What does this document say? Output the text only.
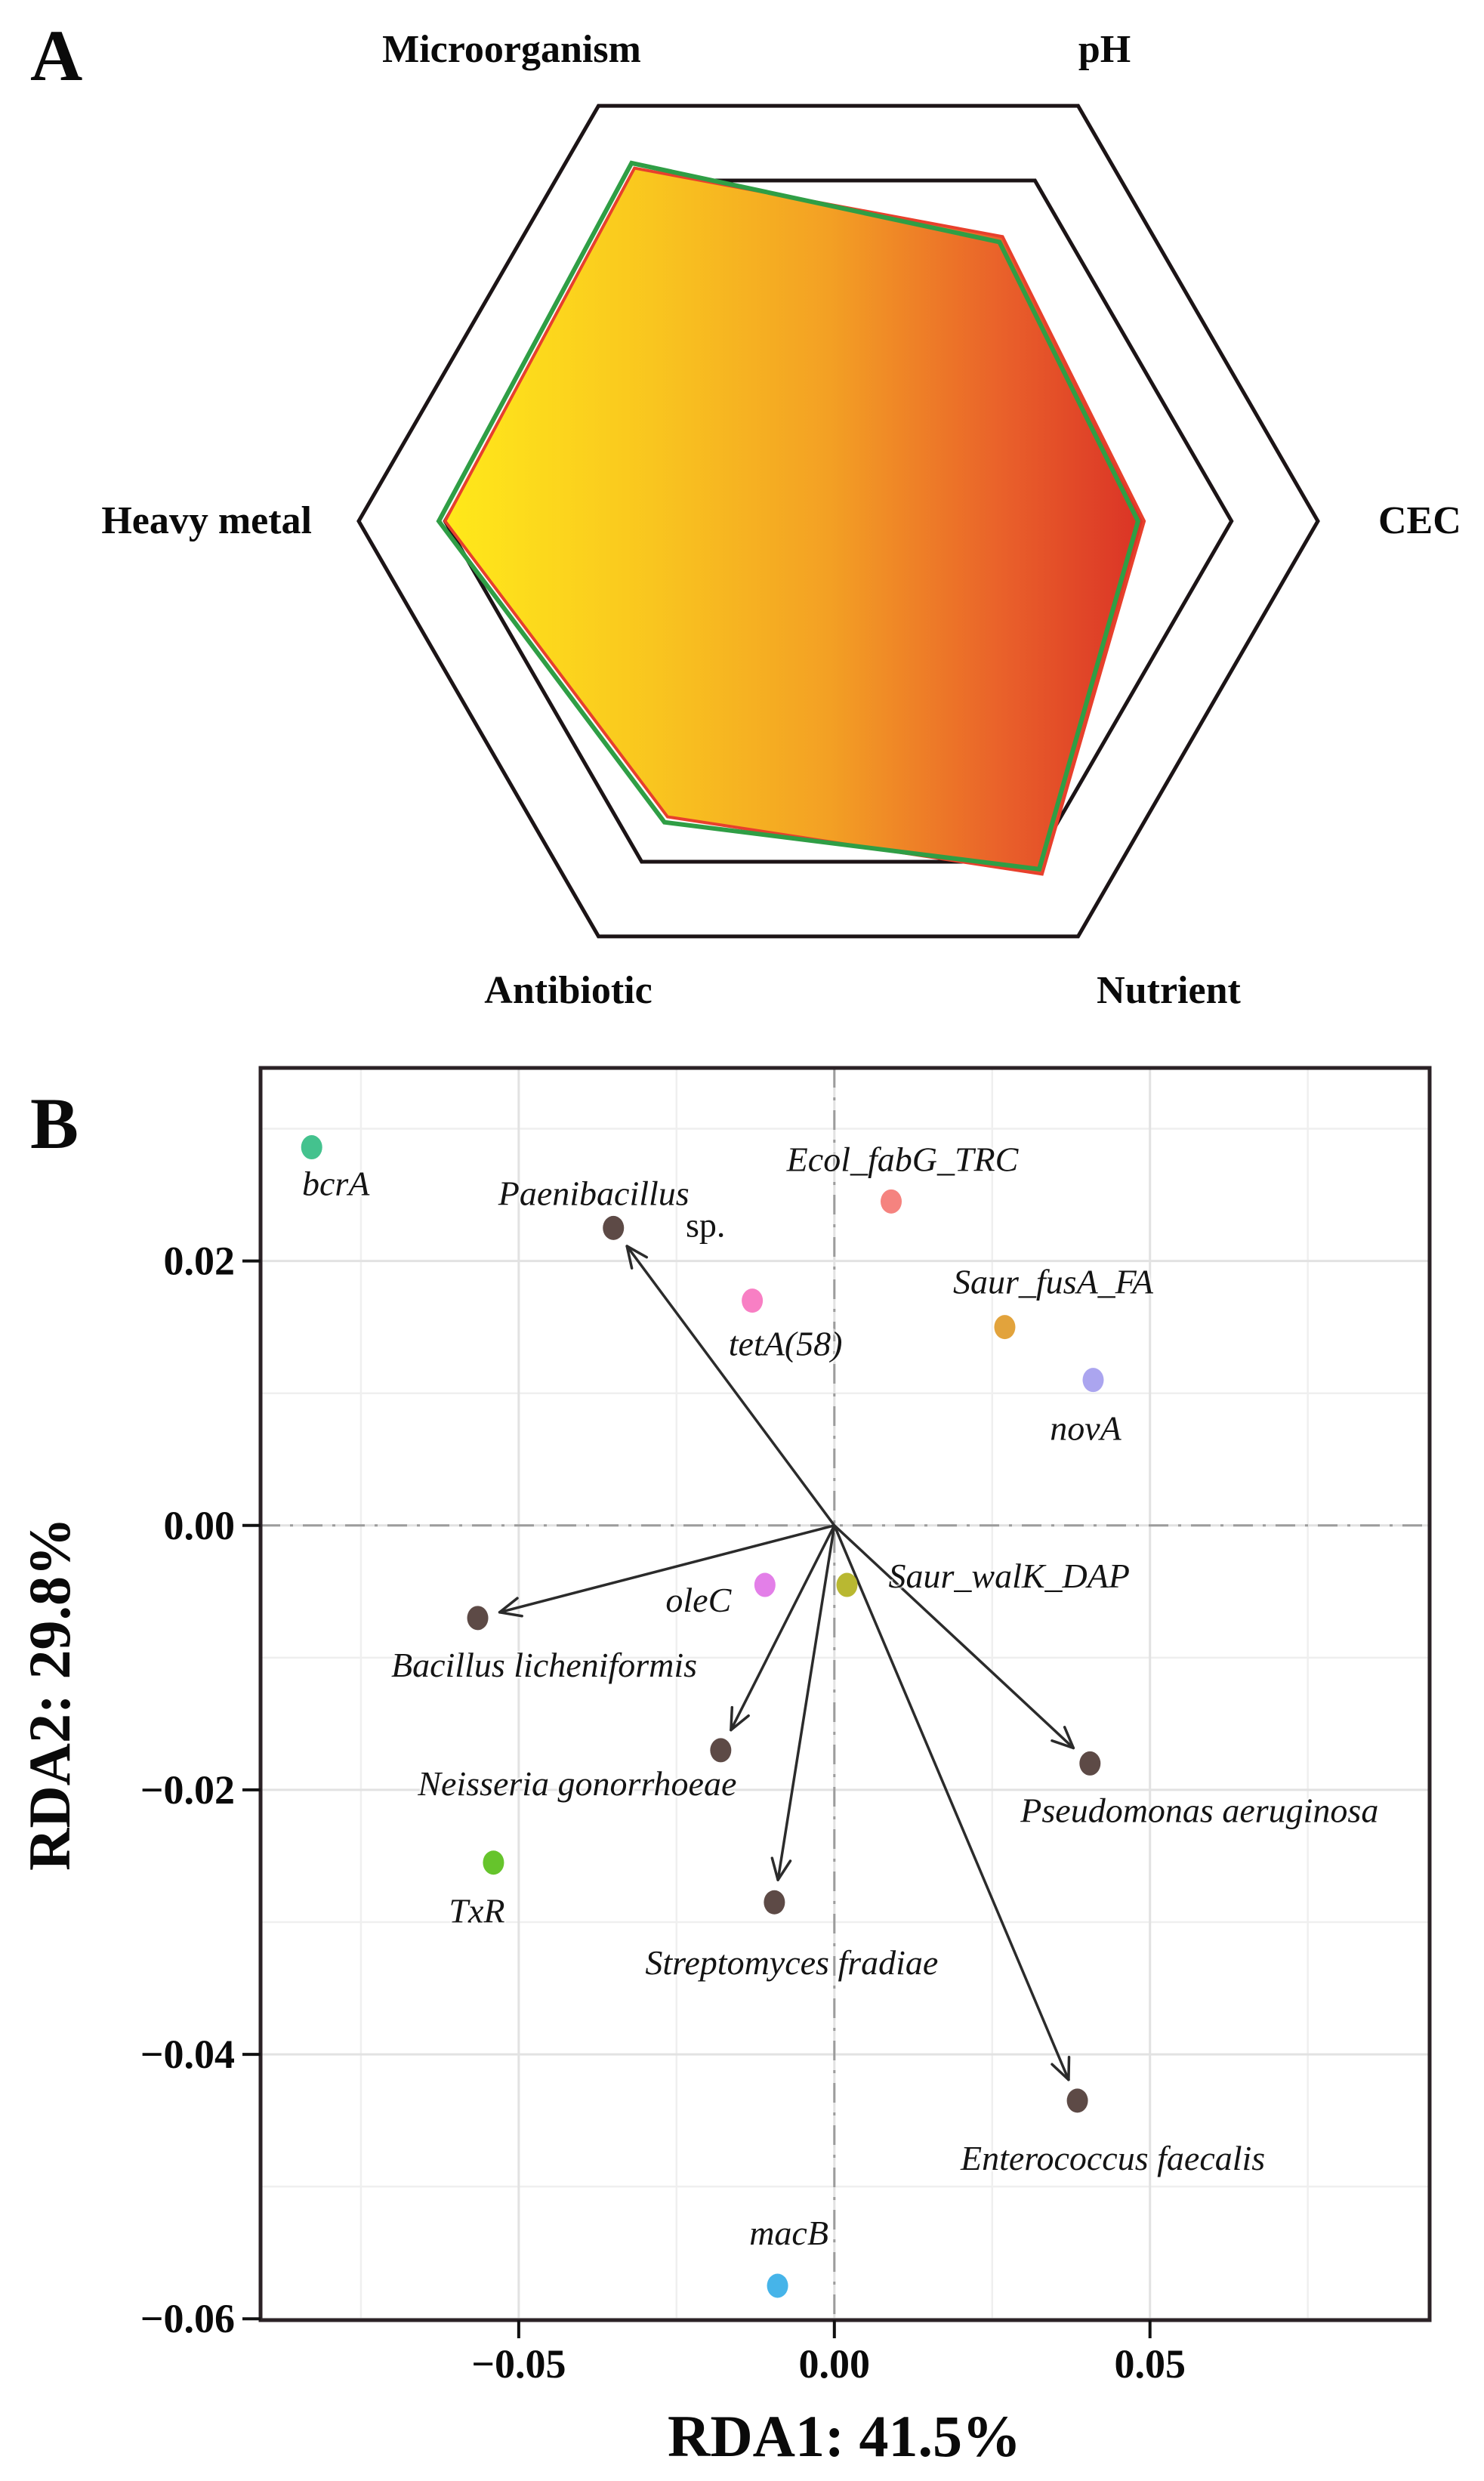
A
CEC
pH
Microorganism
Heavy metal
Antibiotic	Nutrient
B
bcrA	Paenibacillus
sp.
Ecol_fabG_TRC
tetA(58)
Saur_fusA_FA
novA
oleC
Saur_walK_DAP
Bacillus licheniformis
Neisseria gonorrhoeae
TxR
Streptomyces fradiae
Pseudomonas aeruginosa
Enterococcus faecalis
macB
−0.05	0.00	0.05
0.02
0.00
−0.02
−0.04
−0.06
RDA1: 41.5%
RDA2: 29.8%
